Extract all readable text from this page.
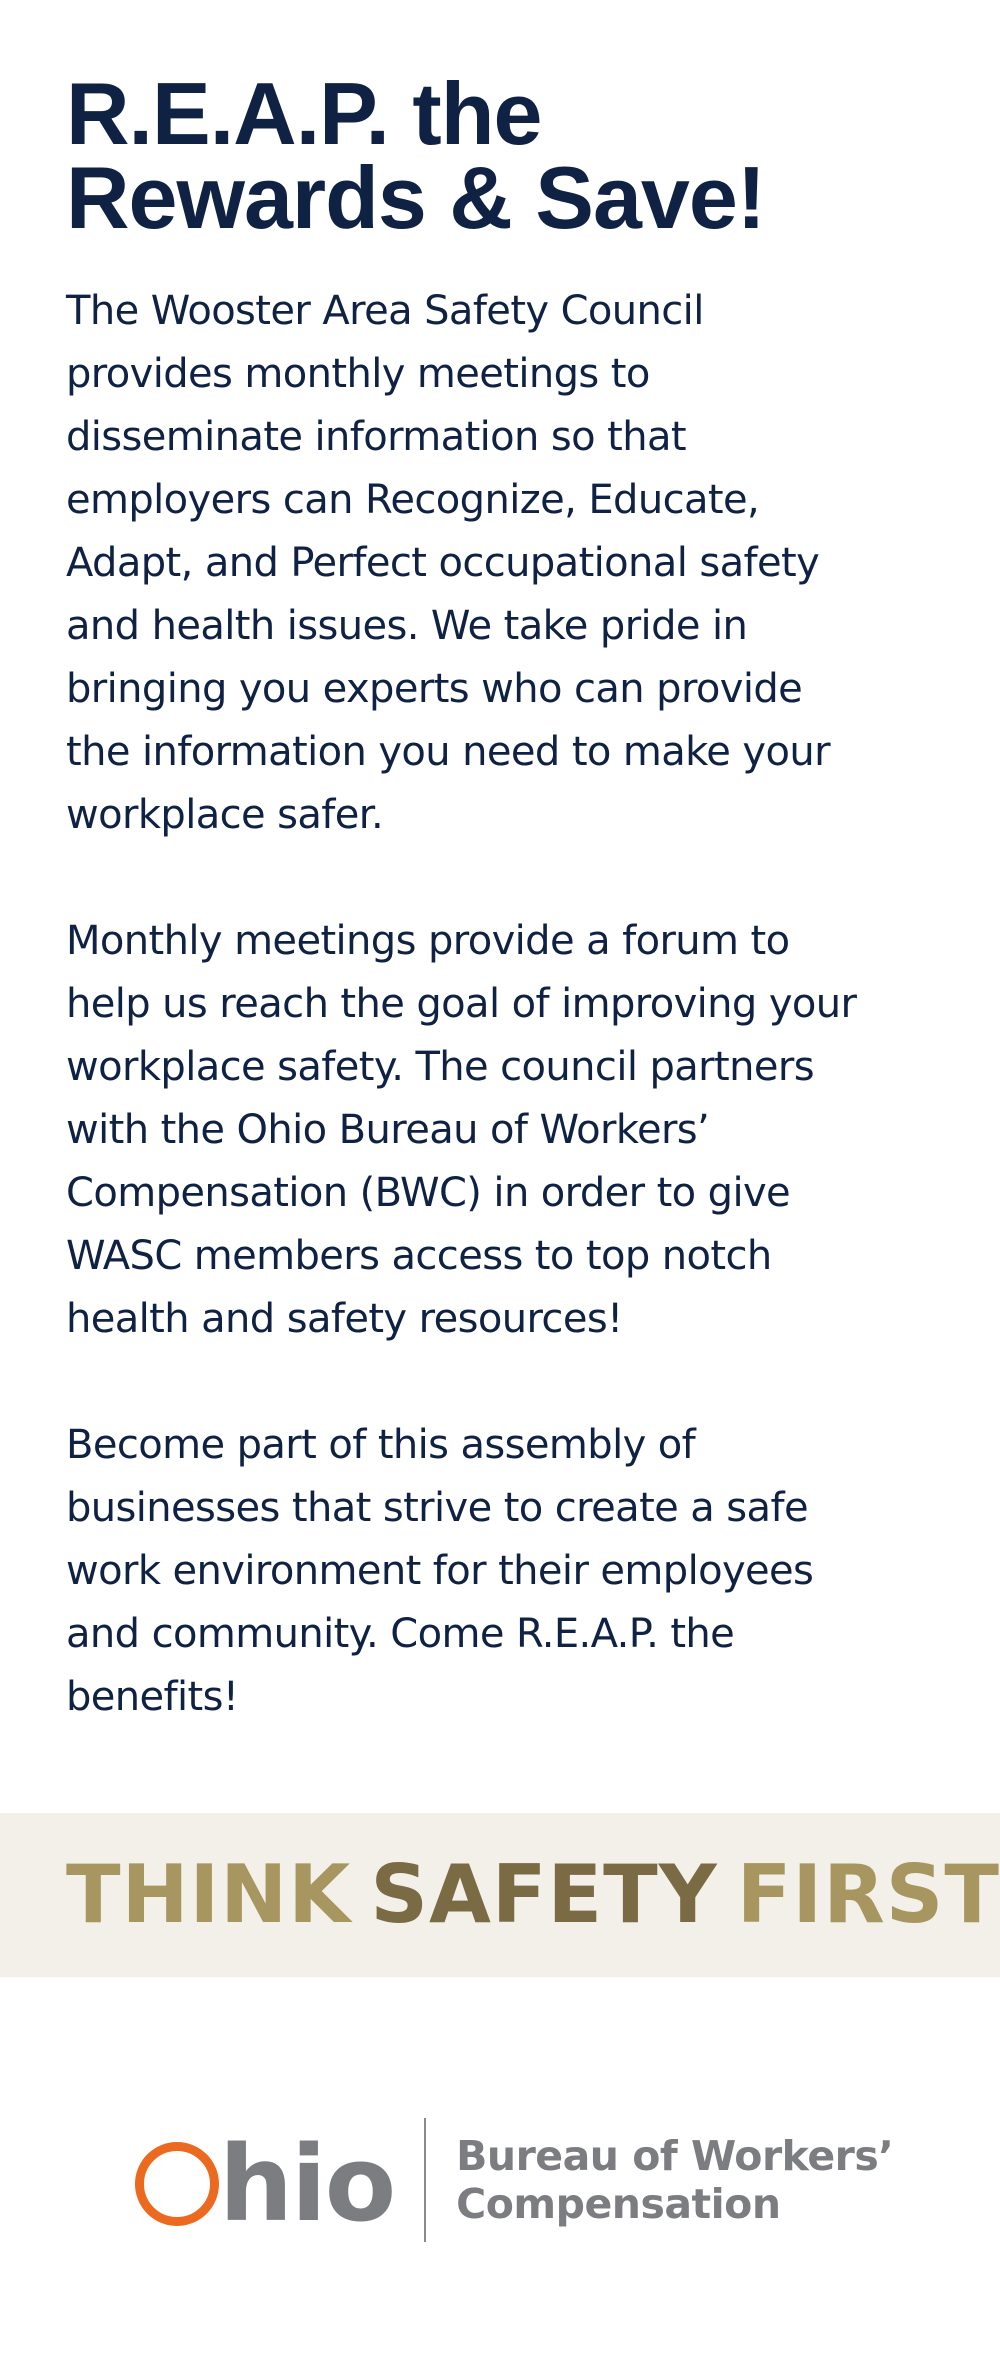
R.E.A.P. the
Rewards & Save!
The Wooster Area Safety Council
provides monthly meetings to
disseminate information so that
employers can Recognize, Educate,
Adapt, and Perfect occupational safety
and health issues. We take pride in
bringing you experts who can provide
the information you need to make your
workplace safer.
Monthly meetings provide a forum to
help us reach the goal of improving your
workplace safety. The council partners
with the Ohio Bureau of Workers’
Compensation (BWC) in order to give
WASC members access to top notch
health and safety resources!
Become part of this assembly of
businesses that strive to create a safe
work environment for their employees
and community. Come R.E.A.P. the
benefits!
THINK SAFETY FIRST
hio Bureau of Workers’
Compensation
